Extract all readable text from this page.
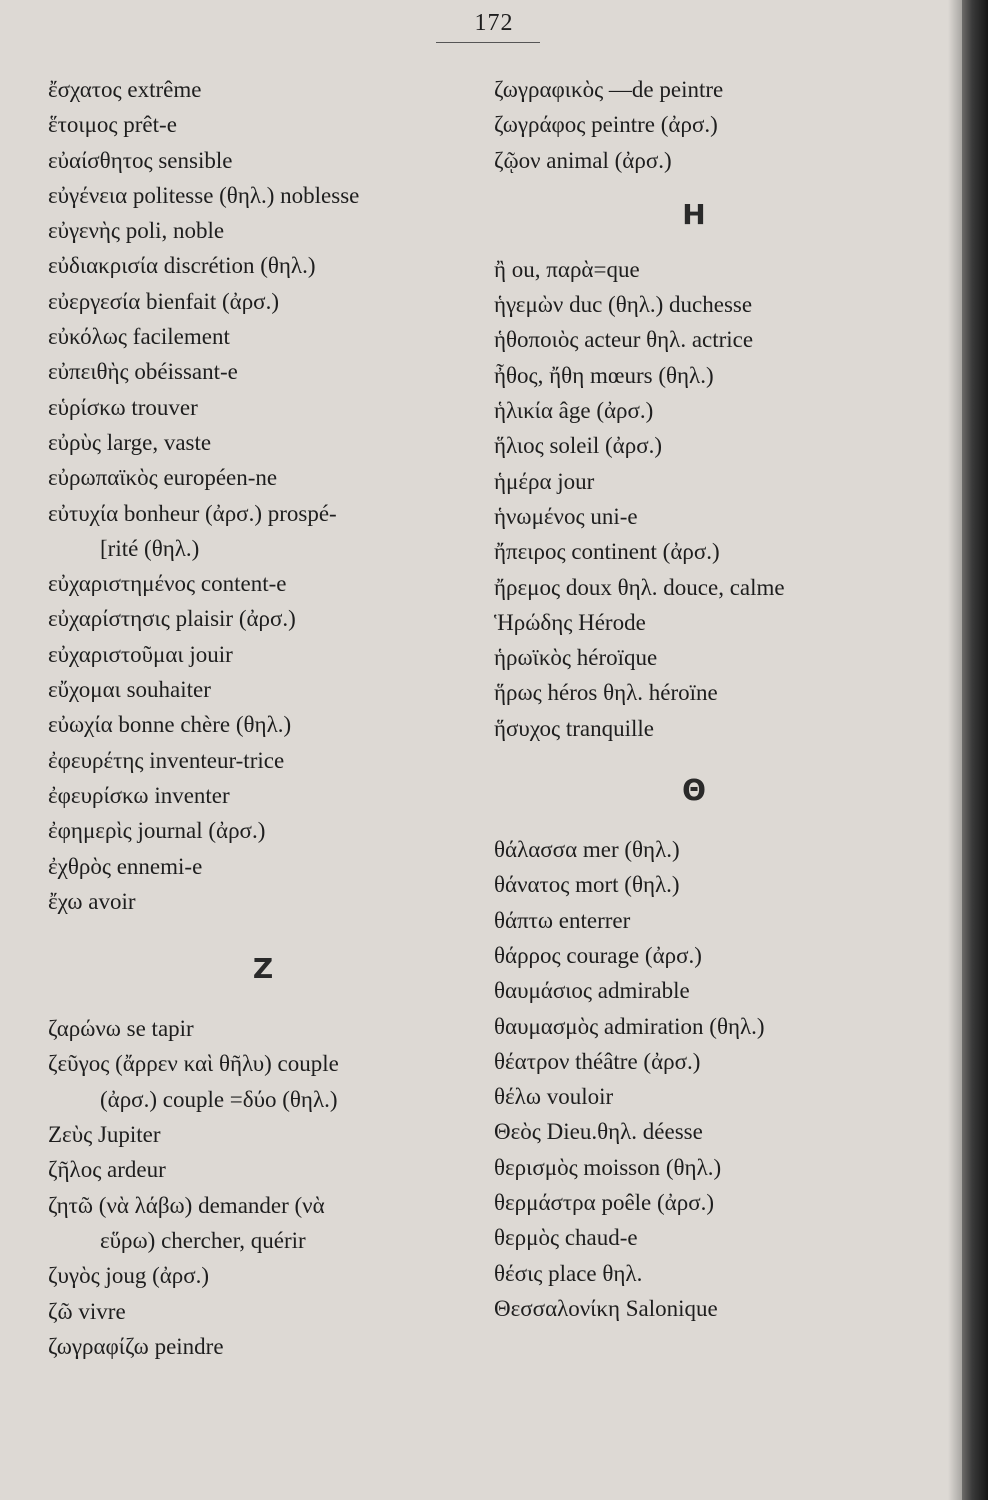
172
ἔσχατος extrême
ἕτοιμος prêt-e
εὐαίσθητος sensible
εὐγένεια politesse (θηλ.) noblesse
εὐγενὴς poli, noble
εὐδιακρισία discrétion (θηλ.)
εὐεργεσία bienfait (ἀρσ.)
εὐκόλως facilement
εὐπειθὴς obéissant-e
εὑρίσκω trouver
εὐρὺς large, vaste
εὐρωπαϊκὸς européen-ne
εὐτυχία bonheur (ἀρσ.) prospé-
[rité (θηλ.)
εὐχαριστημένος content-e
εὐχαρίστησις plaisir (ἀρσ.)
εὐχαριστοῦμαι jouir
εὔχομαι souhaiter
εὐωχία bonne chère (θηλ.)
ἐφευρέτης inventeur-trice
ἐφευρίσκω inventer
ἐφημερὶς journal (ἀρσ.)
ἐχθρὸς ennemi-e
ἔχω avoir
Z
ζαρώνω se tapir
ζεῦγος (ἄρρεν καὶ θῆλυ) couple
(ἀρσ.) couple =δύο (θηλ.)
Ζεὺς Jupiter
ζῆλος ardeur
ζητῶ (νὰ λάβω) demander (νὰ
εὕρω) chercher, quérir
ζυγὸς joug (ἀρσ.)
ζῶ vivre
ζωγραφίζω peindre
ζωγραφικὸς —de peintre
ζωγράφος peintre (ἀρσ.)
ζῷον animal (ἀρσ.)
H
ἢ ou, παρὰ=que
ἡγεμὼν duc (θηλ.) duchesse
ἡθοποιὸς acteur θηλ. actrice
ἦθος, ἤθη mœurs (θηλ.)
ἡλικία âge (ἀρσ.)
ἥλιος soleil (ἀρσ.)
ἡμέρα jour
ἡνωμένος uni-e
ἤπειρος continent (ἀρσ.)
ἤρεμος doux θηλ. douce, calme
Ἡρώδης Hérode
ἡρωϊκὸς héroïque
ἥρως héros θηλ. héroïne
ἥσυχος tranquille
Θ
θάλασσα mer (θηλ.)
θάνατος mort (θηλ.)
θάπτω enterrer
θάρρος courage (ἀρσ.)
θαυμάσιος admirable
θαυμασμὸς admiration (θηλ.)
θέατρον théâtre (ἀρσ.)
θέλω vouloir
Θεὸς Dieu.θηλ. déesse
θερισμὸς moisson (θηλ.)
θερμάστρα poêle (ἀρσ.)
θερμὸς chaud-e
θέσις place θηλ.
Θεσσαλονίκη Salonique
